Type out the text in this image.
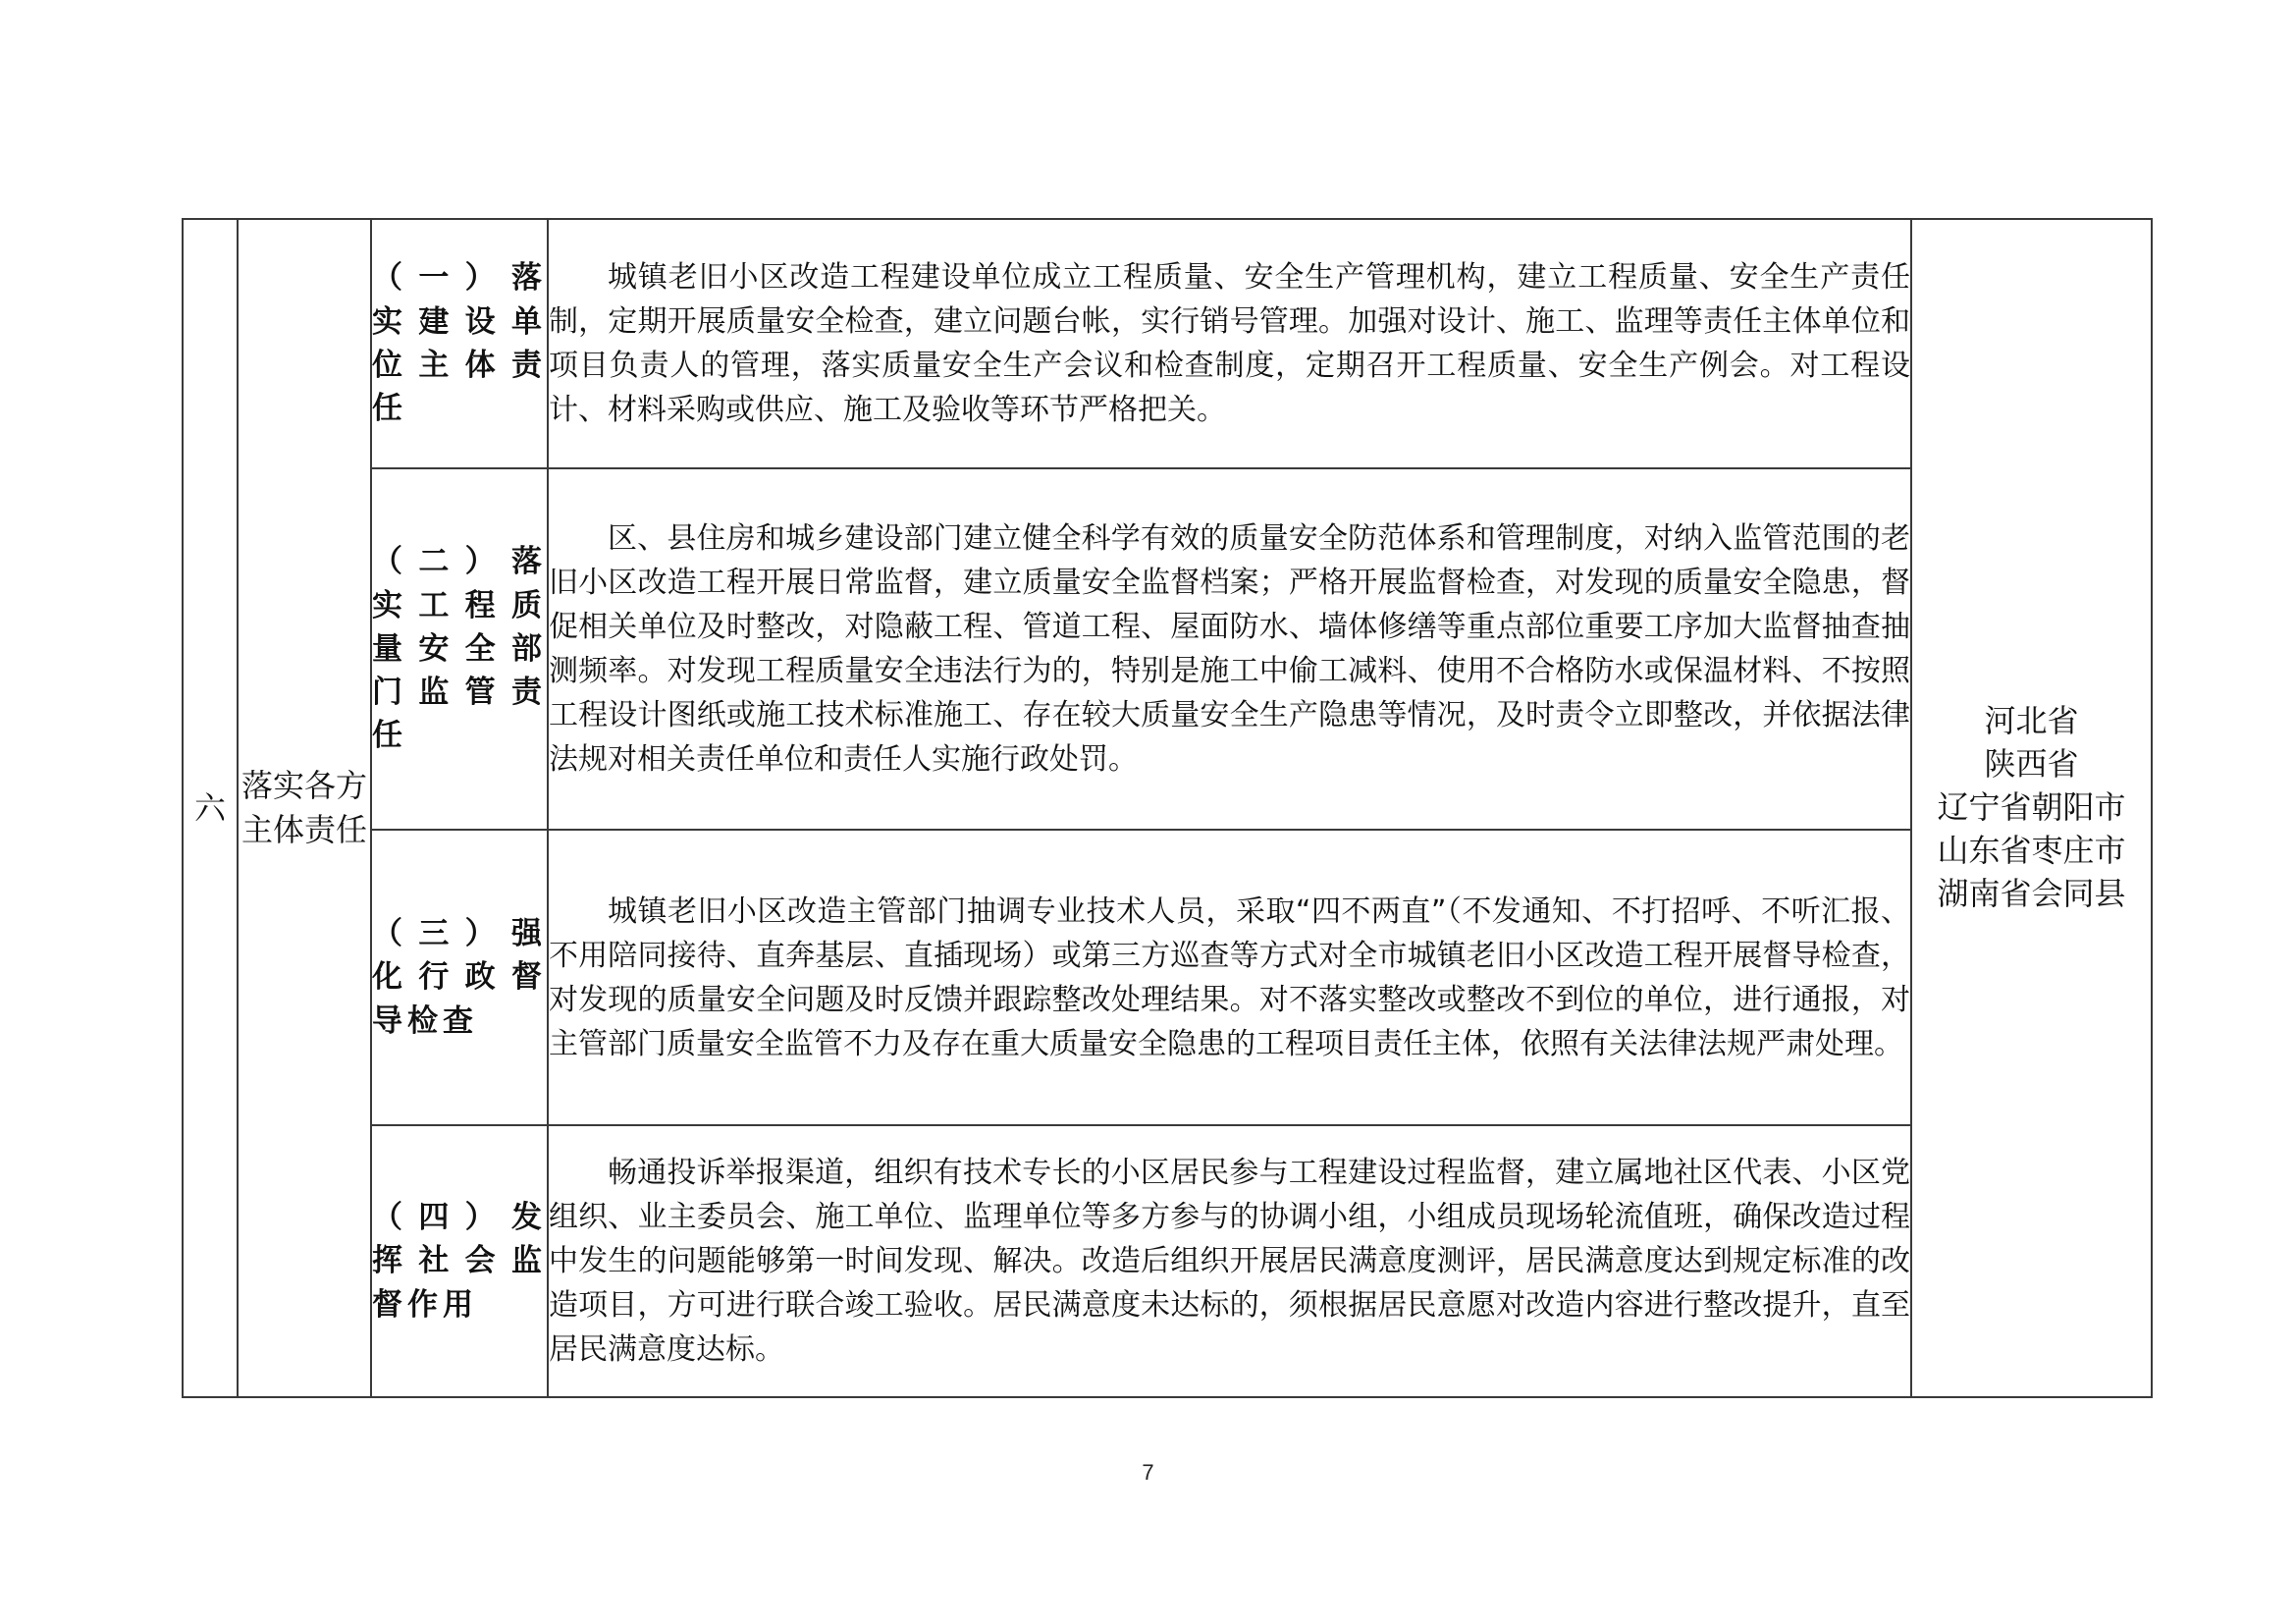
六	落实各方主体责任	（一）落实建设单位主体责任	城镇老旧小区改造工程建设单位成立工程质量、安全生产管理机构，建立工程质量、安全生产责任制，定期开展质量安全检查，建立问题台帐，实行销号管理。加强对设计、施工、监理等责任主体单位和项目负责人的管理，落实质量安全生产会议和检查制度，定期召开工程质量、安全生产例会。对工程设计、材料采购或供应、施工及验收等环节严格把关。	河北省
陕西省
辽宁省朝阳市
山东省枣庄市
湖南省会同县

		（二）落实工程质量安全部门监管责任	区、县住房和城乡建设部门建立健全科学有效的质量安全防范体系和管理制度，对纳入监管范围的老旧小区改造工程开展日常监督，建立质量安全监督档案；严格开展监督检查，对发现的质量安全隐患，督促相关单位及时整改，对隐蔽工程、管道工程、屋面防水、墙体修缮等重点部位重要工序加大监督抽查抽测频率。对发现工程质量安全违法行为的，特别是施工中偷工减料、使用不合格防水或保温材料、不按照工程设计图纸或施工技术标准施工、存在较大质量安全生产隐患等情况，及时责令立即整改，并依据法律法规对相关责任单位和责任人实施行政处罚。	

		（三）强化行政督导检查	城镇老旧小区改造主管部门抽调专业技术人员，采取“四不两直”（不发通知、不打招呼、不听汇报、不用陪同接待、直奔基层、直插现场）或第三方巡查等方式对全市城镇老旧小区改造工程开展督导检查，对发现的质量安全问题及时反馈并跟踪整改处理结果。对不落实整改或整改不到位的单位，进行通报，对主管部门质量安全监管不力及存在重大质量安全隐患的工程项目责任主体，依照有关法律法规严肃处理。	

		（四）发挥社会监督作用	畅通投诉举报渠道，组织有技术专长的小区居民参与工程建设过程监督，建立属地社区代表、小区党组织、业主委员会、施工单位、监理单位等多方参与的协调小组，小组成员现场轮流值班，确保改造过程中发生的问题能够第一时间发现、解决。改造后组织开展居民满意度测评，居民满意度达到规定标准的改造项目，方可进行联合竣工验收。居民满意度未达标的，须根据居民意愿对改造内容进行整改提升，直至居民满意度达标。	

7
